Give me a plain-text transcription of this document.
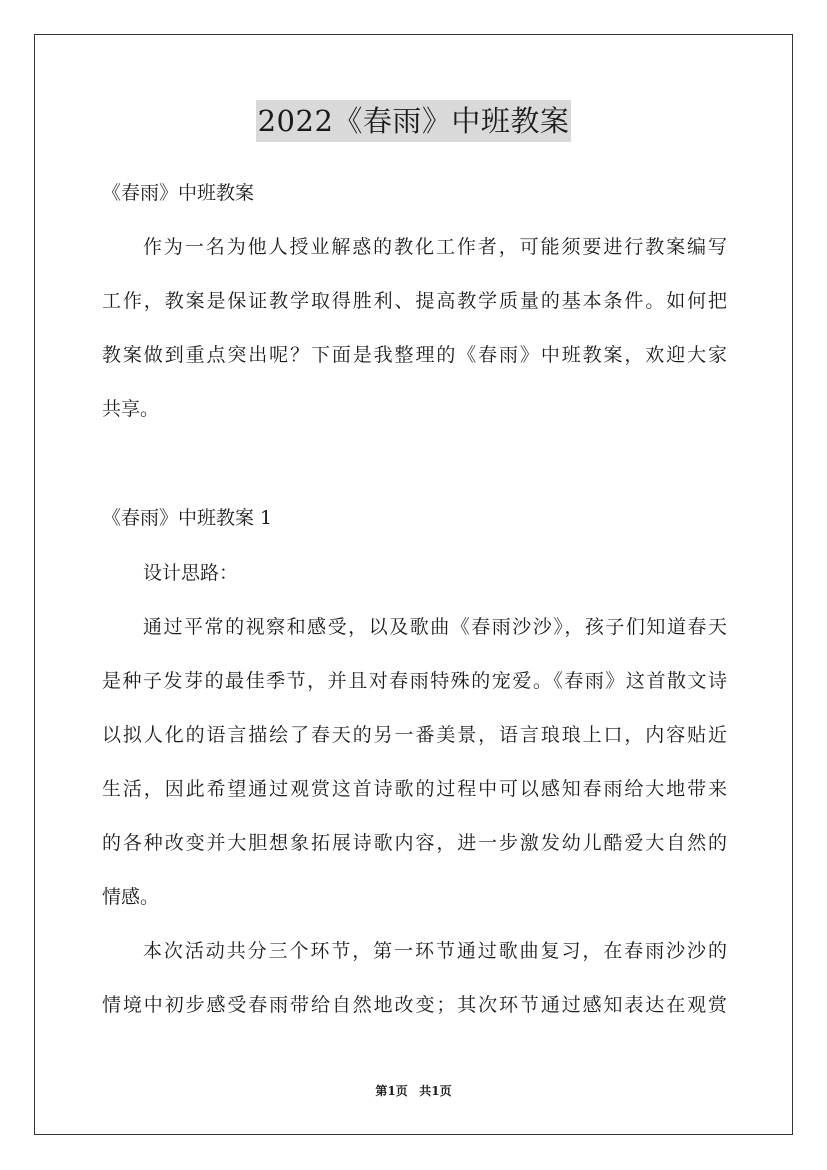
2022《春雨》中班教案
《春雨》中班教案
作为一名为他人授业解惑的教化工作者，可能须要进行教案编写
工作，教案是保证教学取得胜利、提高教学质量的基本条件。如何把
教案做到重点突出呢？下面是我整理的《春雨》中班教案，欢迎大家
共享。
《春雨》中班教案 1
设计思路：
通过平常的视察和感受，以及歌曲《春雨沙沙》，孩子们知道春天
是种子发芽的最佳季节，并且对春雨特殊的宠爱。《春雨》这首散文诗
以拟人化的语言描绘了春天的另一番美景，语言琅琅上口，内容贴近
生活，因此希望通过观赏这首诗歌的过程中可以感知春雨给大地带来
的各种改变并大胆想象拓展诗歌内容，进一步激发幼儿酷爱大自然的
情感。
本次活动共分三个环节，第一环节通过歌曲复习，在春雨沙沙的
情境中初步感受春雨带给自然地改变；其次环节通过感知表达在观赏
第1页 共1页
